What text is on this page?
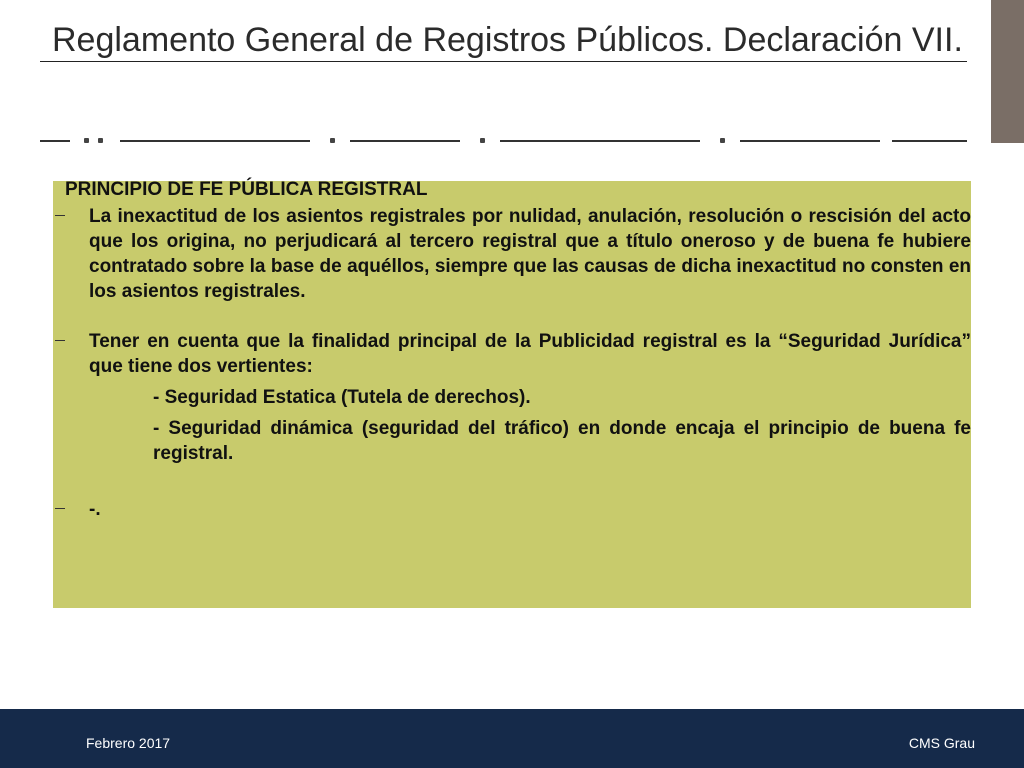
Reglamento General de Registros Públicos. Declaración VII.
PRINCIPIO DE FE PÚBLICA REGISTRAL
La inexactitud de los asientos registrales por nulidad, anulación, resolución o rescisión del acto que los origina, no perjudicará al tercero registral que a título oneroso y de buena fe hubiere contratado sobre la base de aquéllos, siempre que las causas de dicha inexactitud no consten en los asientos registrales.
Tener en cuenta que la finalidad principal de la Publicidad registral es la “Seguridad Jurídica” que tiene dos vertientes:
- Seguridad Estatica (Tutela de derechos).
- Seguridad dinámica (seguridad del tráfico) en donde encaja el principio de buena fe registral.
-.
Febrero 2017	CMS Grau
